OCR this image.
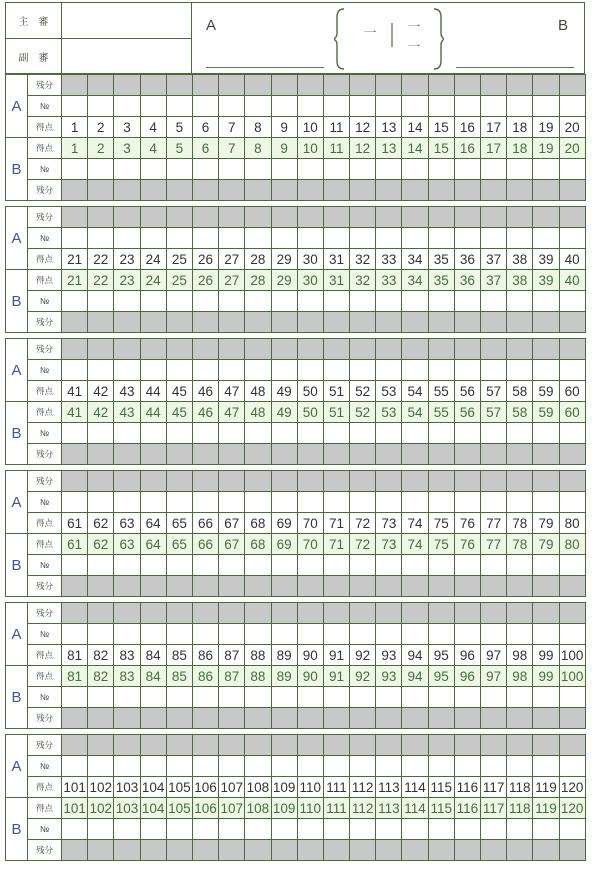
主　審
副　審
A	一 一
一
B
A	残分																				
	№																				
	得点	1	2	3	4	5	6	7	8	9	10	11	12	13	14	15	16	17	18	19	20
B	得点	1	2	3	4	5	6	7	8	9	10	11	12	13	14	15	16	17	18	19	20
	№																				
	残分																				
A	残分																				
	№																				
	得点	21	22	23	24	25	26	27	28	29	30	31	32	33	34	35	36	37	38	39	40
B	得点	21	22	23	24	25	26	27	28	29	30	31	32	33	34	35	36	37	38	39	40
	№																				
	残分																				
A	残分																				
	№																				
	得点	41	42	43	44	45	46	47	48	49	50	51	52	53	54	55	56	57	58	59	60
B	得点	41	42	43	44	45	46	47	48	49	50	51	52	53	54	55	56	57	58	59	60
	№																				
	残分																				
A	残分																				
	№																				
	得点	61	62	63	64	65	66	67	68	69	70	71	72	73	74	75	76	77	78	79	80
B	得点	61	62	63	64	65	66	67	68	69	70	71	72	73	74	75	76	77	78	79	80
	№																				
	残分																				
A	残分																				
	№																				
	得点	81	82	83	84	85	86	87	88	89	90	91	92	93	94	95	96	97	98	99	100
B	得点	81	82	83	84	85	86	87	88	89	90	91	92	93	94	95	96	97	98	99	100
	№																				
	残分																				
A	残分																				
	№																				
	得点	101	102	103	104	105	106	107	108	109	110	111	112	113	114	115	116	117	118	119	120
B	得点	101	102	103	104	105	106	107	108	109	110	111	112	113	114	115	116	117	118	119	120
	№																				
	残分																				
